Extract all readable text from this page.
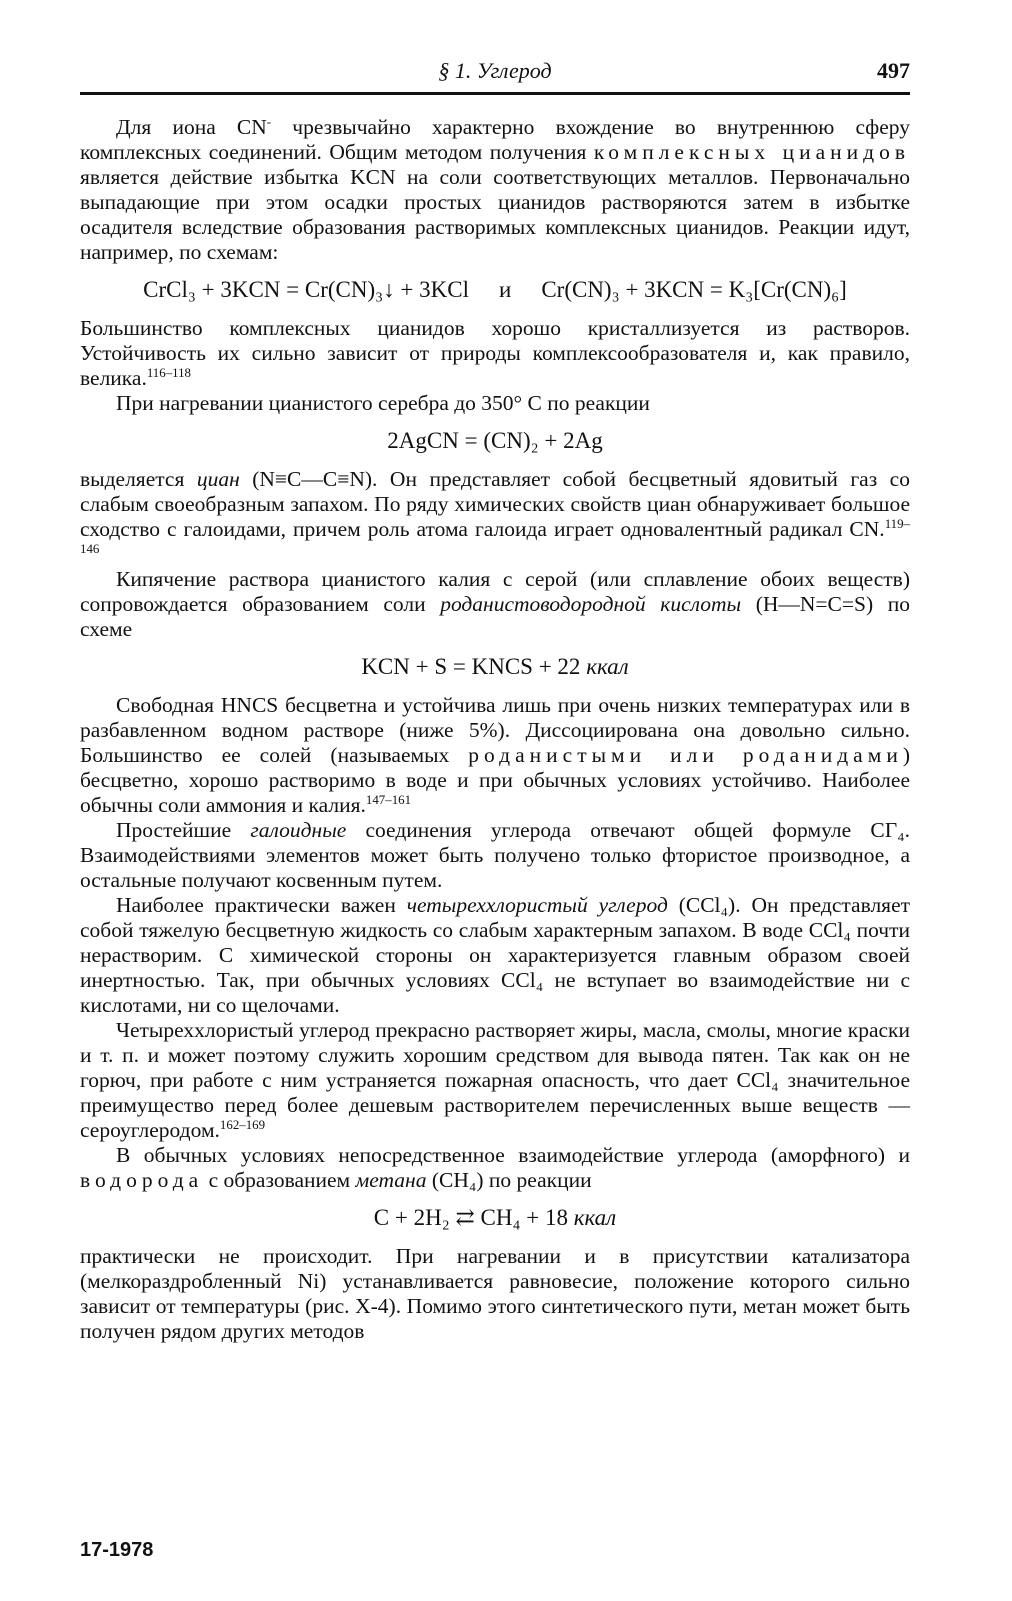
§ 1. Углерод	497

Для иона CN- чрезвычайно характерно вхождение во внутреннюю сферу комплексных соединений. Общим методом получения комплексных цианидов является действие избытка KCN на соли соответствующих металлов. Первоначально выпадающие при этом осадки простых цианидов растворяются затем в избытке осадителя вследствие образования растворимых комплексных цианидов. Реакции идут, например, по схемам:

CrCl₃ + 3KCN = Cr(CN)₃↓ + 3KCl и Cr(CN)₃ + 3KCN = K₃[Cr(CN)₆]

Большинство комплексных цианидов хорошо кристаллизуется из растворов. Устойчивость их сильно зависит от природы комплексообразователя и, как правило, велика.$^{116-118}$

При нагревании цианистого серебра до 350° С по реакции

2AgCN = (CN)₂ + 2Ag

выделяется циан (N≡C—C≡N). Он представляет собой бесцветный ядовитый газ со слабым своеобразным запахом. По ряду химических свойств циан обнаруживает большое сходство с галоидами, причем роль атома галоида играет одновалентный радикал CN.$^{119-146}$

Кипячение раствора цианистого калия с серой (или сплавление обоих веществ) сопровождается образованием соли роданистоводородной кислоты (H—N=C=S) по схеме

KCN + S = KNCS + 22 ккал

Свободная HNCS бесцветна и устойчива лишь при очень низких температурах или в разбавленном водном растворе (ниже 5%). Диссоциирована она довольно сильно. Большинство ее солей (называемых роданистыми или роданидами) бесцветно, хорошо растворимо в воде и при обычных условиях устойчиво. Наиболее обычны соли аммония и калия.$^{147-161}$

Простейшие галоидные соединения углерода отвечают общей формуле CГ₄. Взаимодействиями элементов может быть получено только фтористое производное, а остальные получают косвенным путем.

Наиболее практически важен четыреххлористый углерод (CCl₄). Он представляет собой тяжелую бесцветную жидкость со слабым характерным запахом. В воде CCl₄ почти нерастворим. С химической стороны он характеризуется главным образом своей инертностью. Так, при обычных условиях CCl₄ не вступает во взаимодействие ни с кислотами, ни со щелочами.

Четыреххлористый углерод прекрасно растворяет жиры, масла, смолы, многие краски и т. п. и может поэтому служить хорошим средством для вывода пятен. Так как он не горюч, при работе с ним устраняется пожарная опасность, что дает CCl₄ значительное преимущество перед более дешевым растворителем перечисленных выше веществ — сероуглеродом.$^{162-169}$

В обычных условиях непосредственное взаимодействие углерода (аморфного) и водорода с образованием метана (CH₄) по реакции

C + 2H₂ ⇄ CH₄ + 18 ккал

практически не происходит. При нагревании и в присутствии катализатора (мелкораздробленный Ni) устанавливается равновесие, положение которого сильно зависит от температуры (рис. X-4). Помимо этого синтетического пути, метан может быть получен рядом других методов

17-1978
